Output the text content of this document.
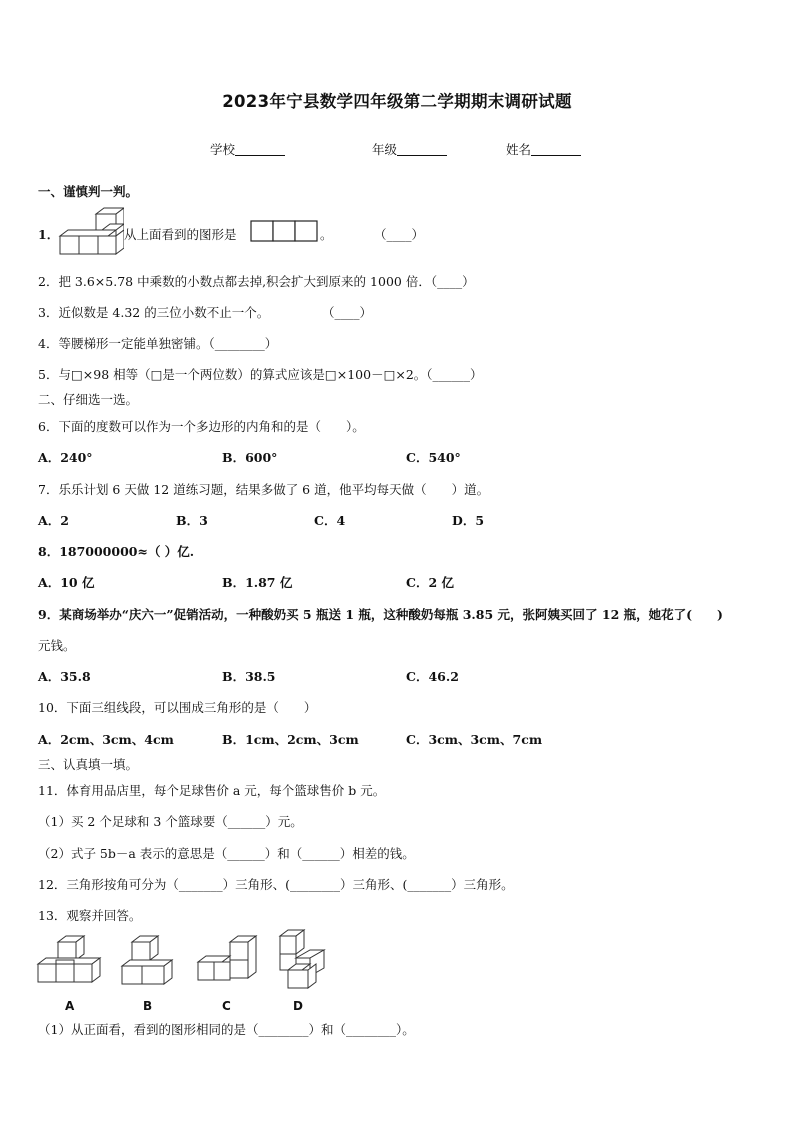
2023年宁县数学四年级第二学期期末调研试题
学校	年级	姓名
一、谨慎判一判。
1．	从上面看到的图形是	。	（____）
2．把 3.6×5.78 中乘数的小数点都去掉,积会扩大到原来的 1000 倍．（____）
3．近似数是 4.32 的三位小数不止一个。	（____）
4．等腰梯形一定能单独密铺。（________）
5．与□×98 相等（□是一个两位数）的算式应该是□×100－□×2。（______）
二、仔细选一选。
6．下面的度数可以作为一个多边形的内角和的是（　　）。
A．240°	B．600°	C．540°
7．乐乐计划 6 天做 12 道练习题，结果多做了 6 道，他平均每天做（　　）道。
A．2	B．3	C．4	D．5
8．187000000≈（ ）亿.
A．10 亿	B．1.87 亿	C．2 亿
9．某商场举办“庆六一”促销活动，一种酸奶买 5 瓶送 1 瓶，这种酸奶每瓶 3.85 元，张阿姨买回了 12 瓶，她花了(　　)
元钱。
A．35.8	B．38.5	C．46.2
10．下面三组线段，可以围成三角形的是（　　）
A．2cm、3cm、4cm	B．1cm、2cm、3cm	C．3cm、3cm、7cm
三、认真填一填。
11．体育用品店里，每个足球售价 a 元，每个篮球售价 b 元。
（1）买 2 个足球和 3 个篮球要（______）元。
（2）式子 5b－a 表示的意思是（______）和（______）相差的钱。
12．三角形按角可分为（_______）三角形、(________）三角形、(_______）三角形。
13．观察并回答。
A	B	C	D
（1）从正面看，看到的图形相同的是（________）和（________）。
